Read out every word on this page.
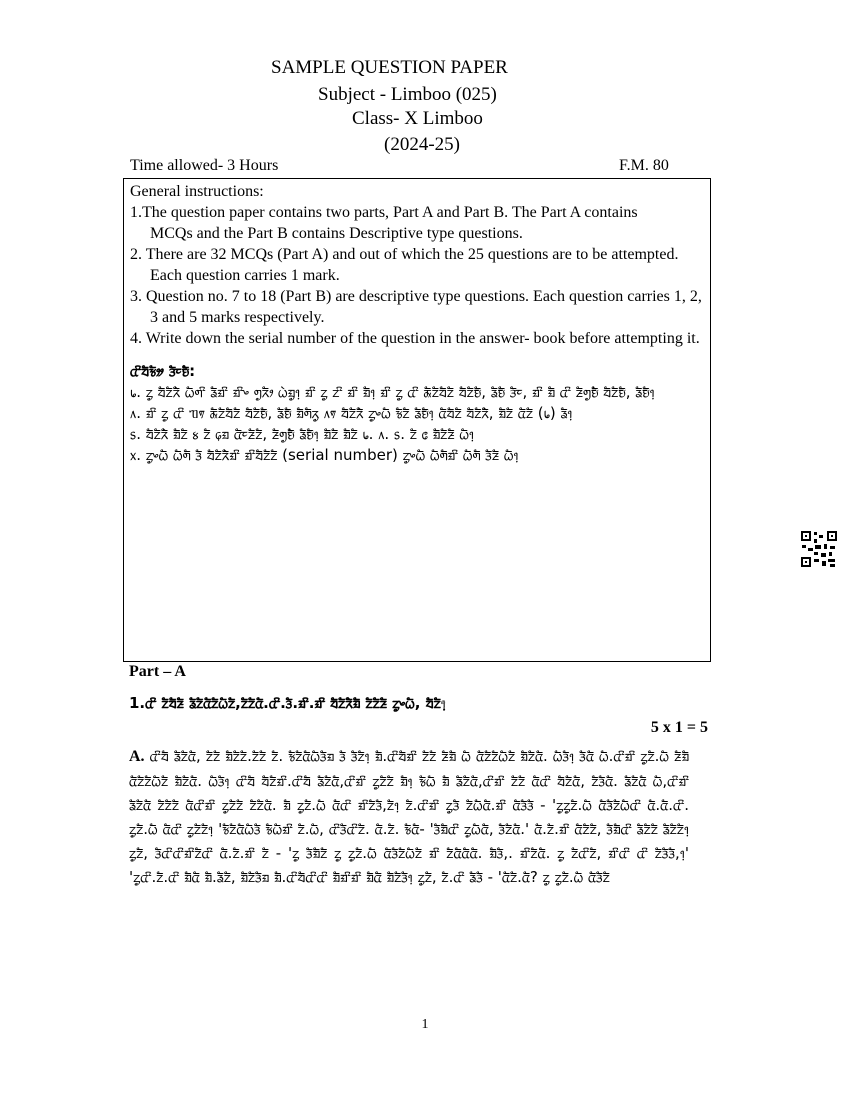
SAMPLE QUESTION PAPER
Subject - Limboo (025)
Class- X Limboo
(2024-25)
Time allowed- 3 Hours	F.M. 80

General instructions:

1.The question paper contains two parts, Part A and Part B. The Part A contains

MCQs and the Part B contains Descriptive type questions.

2. There are 32 MCQs (Part A) and out of which the 25 questions are to be attempted. Each question carries 1 mark.

3. Question no. 7 to 18 (Part B) are descriptive type questions. Each question carries 1, 2, 3 and 5 marks respectively.

4. Write down the serial number of the question in the answer- book before attempting it.

ᤂᤡᤔᤠᤃᤦ ᤋᤠᤰᤎᤧᤠ:

᥇. ᤁᤢ ᤔᤠᤁᤠᤖᤧᤠ ᤐᤠᤛᤡ ᤕᤠᤀᤡ ᤀᤡᤴ ᤛᤢᤖᤥ ᤐᤧᤀᤢ᥄ ᤀᤡ ᤁᤢ ᤁᤡ ᤀᤡ ᤀᤠ᥄ ᤀᤡ ᤁᤢ ᤂᤡ ᤊᤠᤁᤠᤔᤠᤁᤠ ᤔᤠᤁᤠᤎᤠ, ᤕᤠᤎᤠ ᤋᤠᤰ, ᤀᤡ ᤀᤠ ᤂᤡ ᤏᤠᤛᤢᤎᤧᤠ ᤔᤠᤁᤠᤎᤠ, ᤕᤠᤎᤠ᥄

᥈. ᤀᤡ ᤁᤢ ᤂᤡ ᥓ᥏ ᤊᤠᤁᤠᤔᤠᤁᤠ ᤔᤠᤁᤠᤎᤠ, ᤕᤠᤎᤠ ᤀᤠᤛᤠᤖᤢ ᥈᥏ ᤔᤠᤁᤠᤖᤧᤠ ᤁᤢᤴᤐᤠ ᤃᤠᤁᤠ ᤕᤠᤎᤠ᥄ ᤂᤠᤔᤠᤁᤠ ᤔᤠᤁᤠᤖᤧᤠ, ᤀᤠᤁᤠ ᤂᤠᤁᤠ (᥇) ᤕᤠ᥄

᥉. ᤔᤠᤁᤠᤖᤧᤠ ᤀᤠᤁᤠ ᥍ ᤁᤠ ᥌ᤀ ᤂᤠᤰᤏᤠᤁᤠ, ᤏᤠᤛᤢᤎᤧᤠ ᤕᤠᤎᤠ᥄ ᤀᤠᤁᤠ ᤀᤠᤁᤠ ᥇. ᥈. ᥉. ᤁᤠ ᥋ ᤀᤠᤁᤠᤏᤠ ᤐᤠ᥄

᥊. ᤁᤢᤴᤐᤠ ᤐᤠᤛᤠ ᤋᤠ ᤔᤠᤁᤠᤖᤧᤠᤀᤡ ᤀᤡᤔᤠᤁᤠᤁᤠ (serial number) ᤁᤢᤴᤐᤠ ᤐᤠᤛᤠᤀᤡ ᤐᤠᤛᤠ ᤋᤠᤏᤠ ᤐᤠ᥄

Part – A
1.ᤂᤡ ᤁᤠᤔᤠᤏᤠ ᤕᤠᤁᤠᤂᤠᤁᤠᤐᤠᤁᤠ,ᤁᤠᤁᤠᤂᤠ.ᤂᤡ.ᤋᤠ.ᤀᤡ.ᤀᤡ ᤔᤠᤁᤠᤖᤧᤠᤀᤠ ᤁᤠᤁᤠᤏᤠ ᤁᤢᤴᤐᤠ, ᤔᤠᤁᤠ᥄
5 x 1 = 5
A. ᤂᤡᤔᤠ ᤕᤠᤁᤠᤂᤠ, ᤁᤠᤁᤠ ᤀᤠᤁᤠᤁᤠ.ᤁᤠᤁᤠ ᤁᤠ. ᤃᤠᤁᤠᤂᤠᤐᤠᤋᤠᤀ ᤋᤠ ᤋᤠᤁᤠ᥄ ᤀᤠ.ᤂᤡᤔᤠᤀᤡ ᤁᤠᤁᤠ ᤏᤠᤀᤠ ᤐᤠ ᤂᤠᤁᤠᤁᤠᤐᤠᤁᤠ ᤀᤠᤁᤠᤂᤠ. ᤐᤠᤋᤠ᥄ ᤋᤠᤂᤠ ᤐᤠ.ᤂᤡᤀᤡ ᤁᤢᤁᤠ.ᤐᤠ ᤏᤠᤀᤠ ᤂᤠᤁᤠᤁᤠᤐᤠᤁᤠ ᤀᤠᤁᤠᤂᤠ. ᤐᤠᤋᤠ᥄ ᤂᤡᤔᤠ ᤔᤠᤁᤠᤀᤡ.ᤂᤡᤔᤠ ᤕᤠᤁᤠᤂᤠ,ᤂᤡᤀᤡ ᤁᤢᤁᤠᤁᤠ ᤀᤠ᥄ ᤃᤠᤐᤠ ᤀᤠ ᤕᤠᤁᤠᤂᤠ,ᤂᤡᤀᤡ ᤁᤠᤁᤠ ᤂᤠᤂᤡ ᤔᤠᤁᤠᤂᤠ, ᤁᤠᤋᤠᤂᤠ. ᤕᤠᤁᤠᤂᤠ ᤐᤠ,ᤂᤡᤀᤡ ᤕᤠᤁᤠᤂᤠ ᤁᤠᤁᤠᤁᤠ ᤂᤠᤂᤡᤀᤡ ᤁᤢᤁᤠᤁᤠ ᤁᤠᤁᤠᤂᤠ. ᤀᤠ ᤁᤢᤁᤠ.ᤐᤠ ᤂᤠᤂᤡ ᤀᤡᤁᤠᤋᤠ,ᤁᤠ᥄ ᤁᤠ.ᤂᤡᤀᤡ ᤁᤢᤋᤠ ᤁᤠᤐᤠᤂᤠ.ᤀᤡ ᤂᤠᤋᤠᤋᤠ - 'ᤁᤢᤁᤢᤁᤠ.ᤐᤠ ᤂᤠᤋᤠᤁᤠᤐᤠᤂᤡ ᤂᤠ.ᤂᤠ.ᤂᤡ. ᤁᤢᤁᤠ.ᤐᤠ ᤂᤠᤂᤡ ᤁᤢᤁᤠᤁᤠ᥄ 'ᤃᤠᤁᤠᤂᤠᤐᤠᤋᤠ ᤃᤠᤐᤠᤀᤡ ᤁᤠ.ᤐᤠ, ᤂᤡᤋᤠᤂᤡᤁᤠ. ᤂᤠ.ᤁᤠ. ᤃᤠᤂᤠ- 'ᤋᤠᤀᤠᤂᤡ ᤁᤢᤐᤠᤂᤠ, ᤋᤠᤁᤠᤂᤠ.' ᤂᤠ.ᤁᤠ.ᤀᤡ ᤂᤠᤁᤠᤁᤠ, ᤋᤠᤀᤠᤂᤡ ᤕᤠᤁᤠᤁᤠ ᤕᤠᤁᤠᤁᤠ᥄ ᤁᤢᤁᤠ, ᤋᤠᤂᤡᤂᤡᤀᤡᤁᤠᤂᤡ ᤂᤠ.ᤁᤠ.ᤀᤡ ᤁᤠ - 'ᤁᤢ ᤋᤠᤀᤠᤁᤠ ᤁᤢ ᤁᤢᤁᤠ.ᤐᤠ ᤂᤠᤋᤠᤁᤠᤐᤠᤁᤠ ᤀᤡ ᤁᤠᤂᤠᤂᤠᤂᤠ. ᤀᤠᤋᤠ,. ᤀᤡᤁᤠᤂᤠ. ᤁᤢ ᤁᤠᤂᤡᤁᤠ, ᤀᤡᤂᤡ ᤂᤡ ᤁᤠᤋᤠᤋᤠ,᥄' 'ᤁᤢᤂᤡ.ᤁᤠ.ᤂᤡ ᤀᤠᤂᤠ ᤀᤠ.ᤕᤠᤁᤠ, ᤀᤠᤁᤠᤋᤠᤀ ᤀᤠ.ᤂᤡᤔᤠᤂᤡᤂᤡ ᤀᤠᤀᤡᤀᤡ ᤀᤠᤂᤠ ᤀᤠᤁᤠᤋᤠ᥄ ᤁᤢᤁᤠ, ᤁᤠ.ᤂᤡ ᤕᤠᤋᤠ - 'ᤂᤠᤁᤠ.ᤂᤠ? ᤁᤢ ᤁᤢᤁᤠ.ᤐᤠ ᤂᤠᤋᤠᤁᤠ
1
